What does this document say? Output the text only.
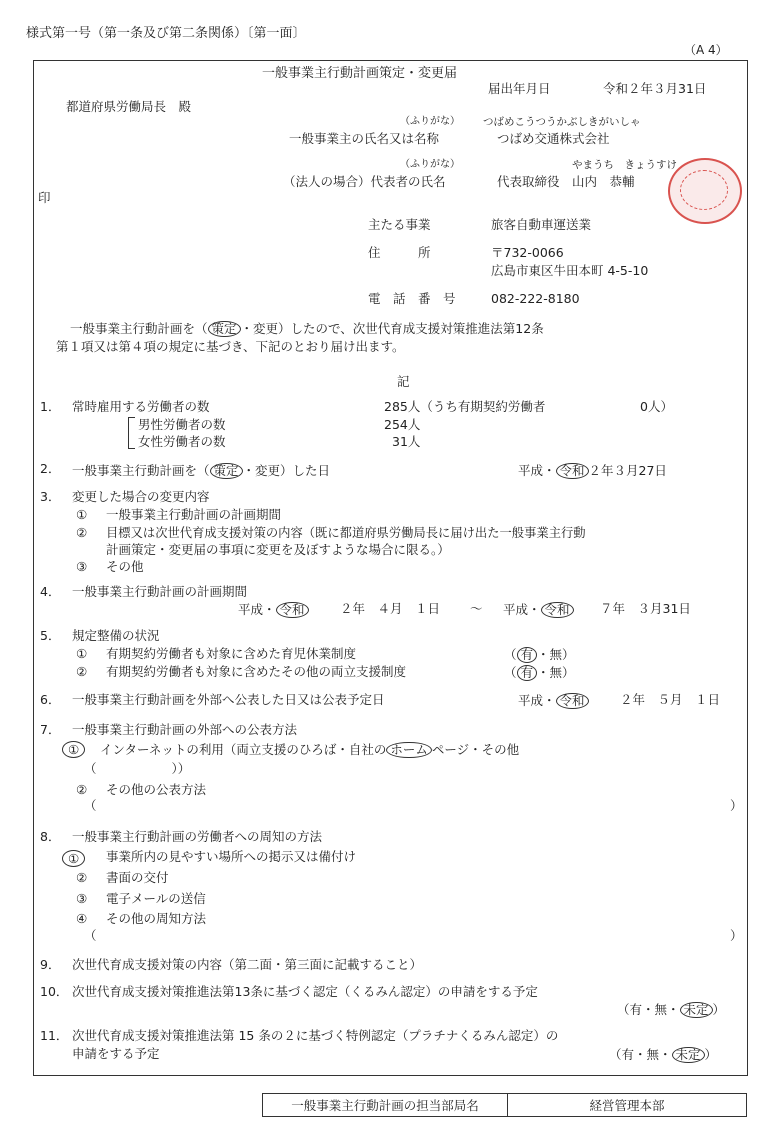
様式第一号（第一条及び第二条関係）〔第一面〕
（A 4）
一般事業主行動計画策定・変更届
届出年月日	令和２年３月31日
都道府県労働局長　殿
（ふりがな） つばめこうつうかぶしきがいしゃ
一般事業主の氏名又は名称	つばめ交通株式会社
（ふりがな）	やまうち　きょうすけ
（法人の場合）代表者の氏名	代表取締役　山内　恭輔
印
主たる事業	旅客自動車運送業
住　　　所	〒732-0066
広島市東区牛田本町 4-5-10
電　話　番　号	082-222-8180
一般事業主行動計画を（ 策定 ・変更）したので、次世代育成支援対策推進法第12条
第１項又は第４項の規定に基づき、下記のとおり届け出ます。
記
1． 常時雇用する労働者の数	285人（うち有期契約労働者	0人）
男性労働者の数	254人
女性労働者の数	31人
2． 一般事業主行動計画を（ 策定 ・変更）した日	平成・ 令和 ２年３月27日
3． 変更した場合の変更内容
① 一般事業主行動計画の計画期間
② 目標又は次世代育成支援対策の内容（既に都道府県労働局長に届け出た一般事業主行動
計画策定・変更届の事項に変更を及ぼすような場合に限る。）
③ その他
4． 一般事業主行動計画の計画期間
平成・ 令和	２年　４月　１日 ～ 平成・ 令和	７年　３月31日
5． 規定整備の状況
① 有期契約労働者も対象に含めた育児休業制度	（ 有 ・無）
② 有期契約労働者も対象に含めたその他の両立支援制度	（ 有 ・無）
6． 一般事業主行動計画を外部へ公表した日又は公表予定日	平成・ 令和	２年　５月　１日
7． 一般事業主行動計画の外部への公表方法
①	インターネットの利用（両立支援のひろば・自社の ホーム ページ・その他
（　　　　　　））
② その他の公表方法
（	）
8． 一般事業主行動計画の労働者への周知の方法
①	事業所内の見やすい場所への掲示又は備付け
② 書面の交付
③ 電子メールの送信
④ その他の周知方法
（	）
9． 次世代育成支援対策の内容（第二面・第三面に記載すること）
10． 次世代育成支援対策推進法第13条に基づく認定（くるみん認定）の申請をする予定
（有・無・ 未定 ）
11． 次世代育成支援対策推進法第 15 条の２に基づく特例認定（プラチナくるみん認定）の
申請をする予定	（有・無・ 未定 ）
一般事業主行動計画の担当部局名	経営管理本部
